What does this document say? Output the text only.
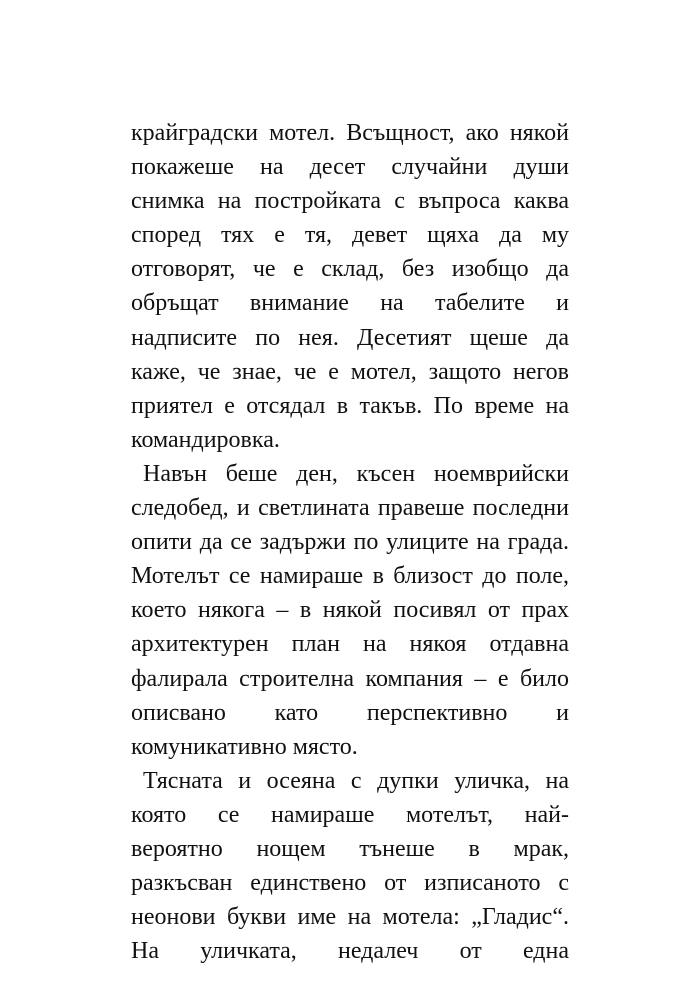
крайградски мотел. Всъщност, ако някой
покажеше на десет случайни души
снимка на постройката с въпроса каква
според тях е тя, девет щяха да му
отговорят, че е склад, без изобщо да
обръщат внимание на табелите и
надписите по нея. Десетият щеше да
каже, че знае, че е мотел, защото негов
приятел е отсядал в такъв. По време на
командировка.
Навън беше ден, късен ноемврийски
следобед, и светлината правеше последни
опити да се задържи по улиците на града.
Мотелът се намираше в близост до поле,
което някога – в някой посивял от прах
архитектурен план на някоя отдавна
фалирала строителна компания – е било
описвано като перспективно и
комуникативно място.
Тясната и осеяна с дупки уличка, на
която се намираше мотелът, най-
вероятно нощем тънеше в мрак,
разкъсван единствено от изписаното с
неонови букви име на мотела: „Гладис“.
На уличката, недалеч от една
